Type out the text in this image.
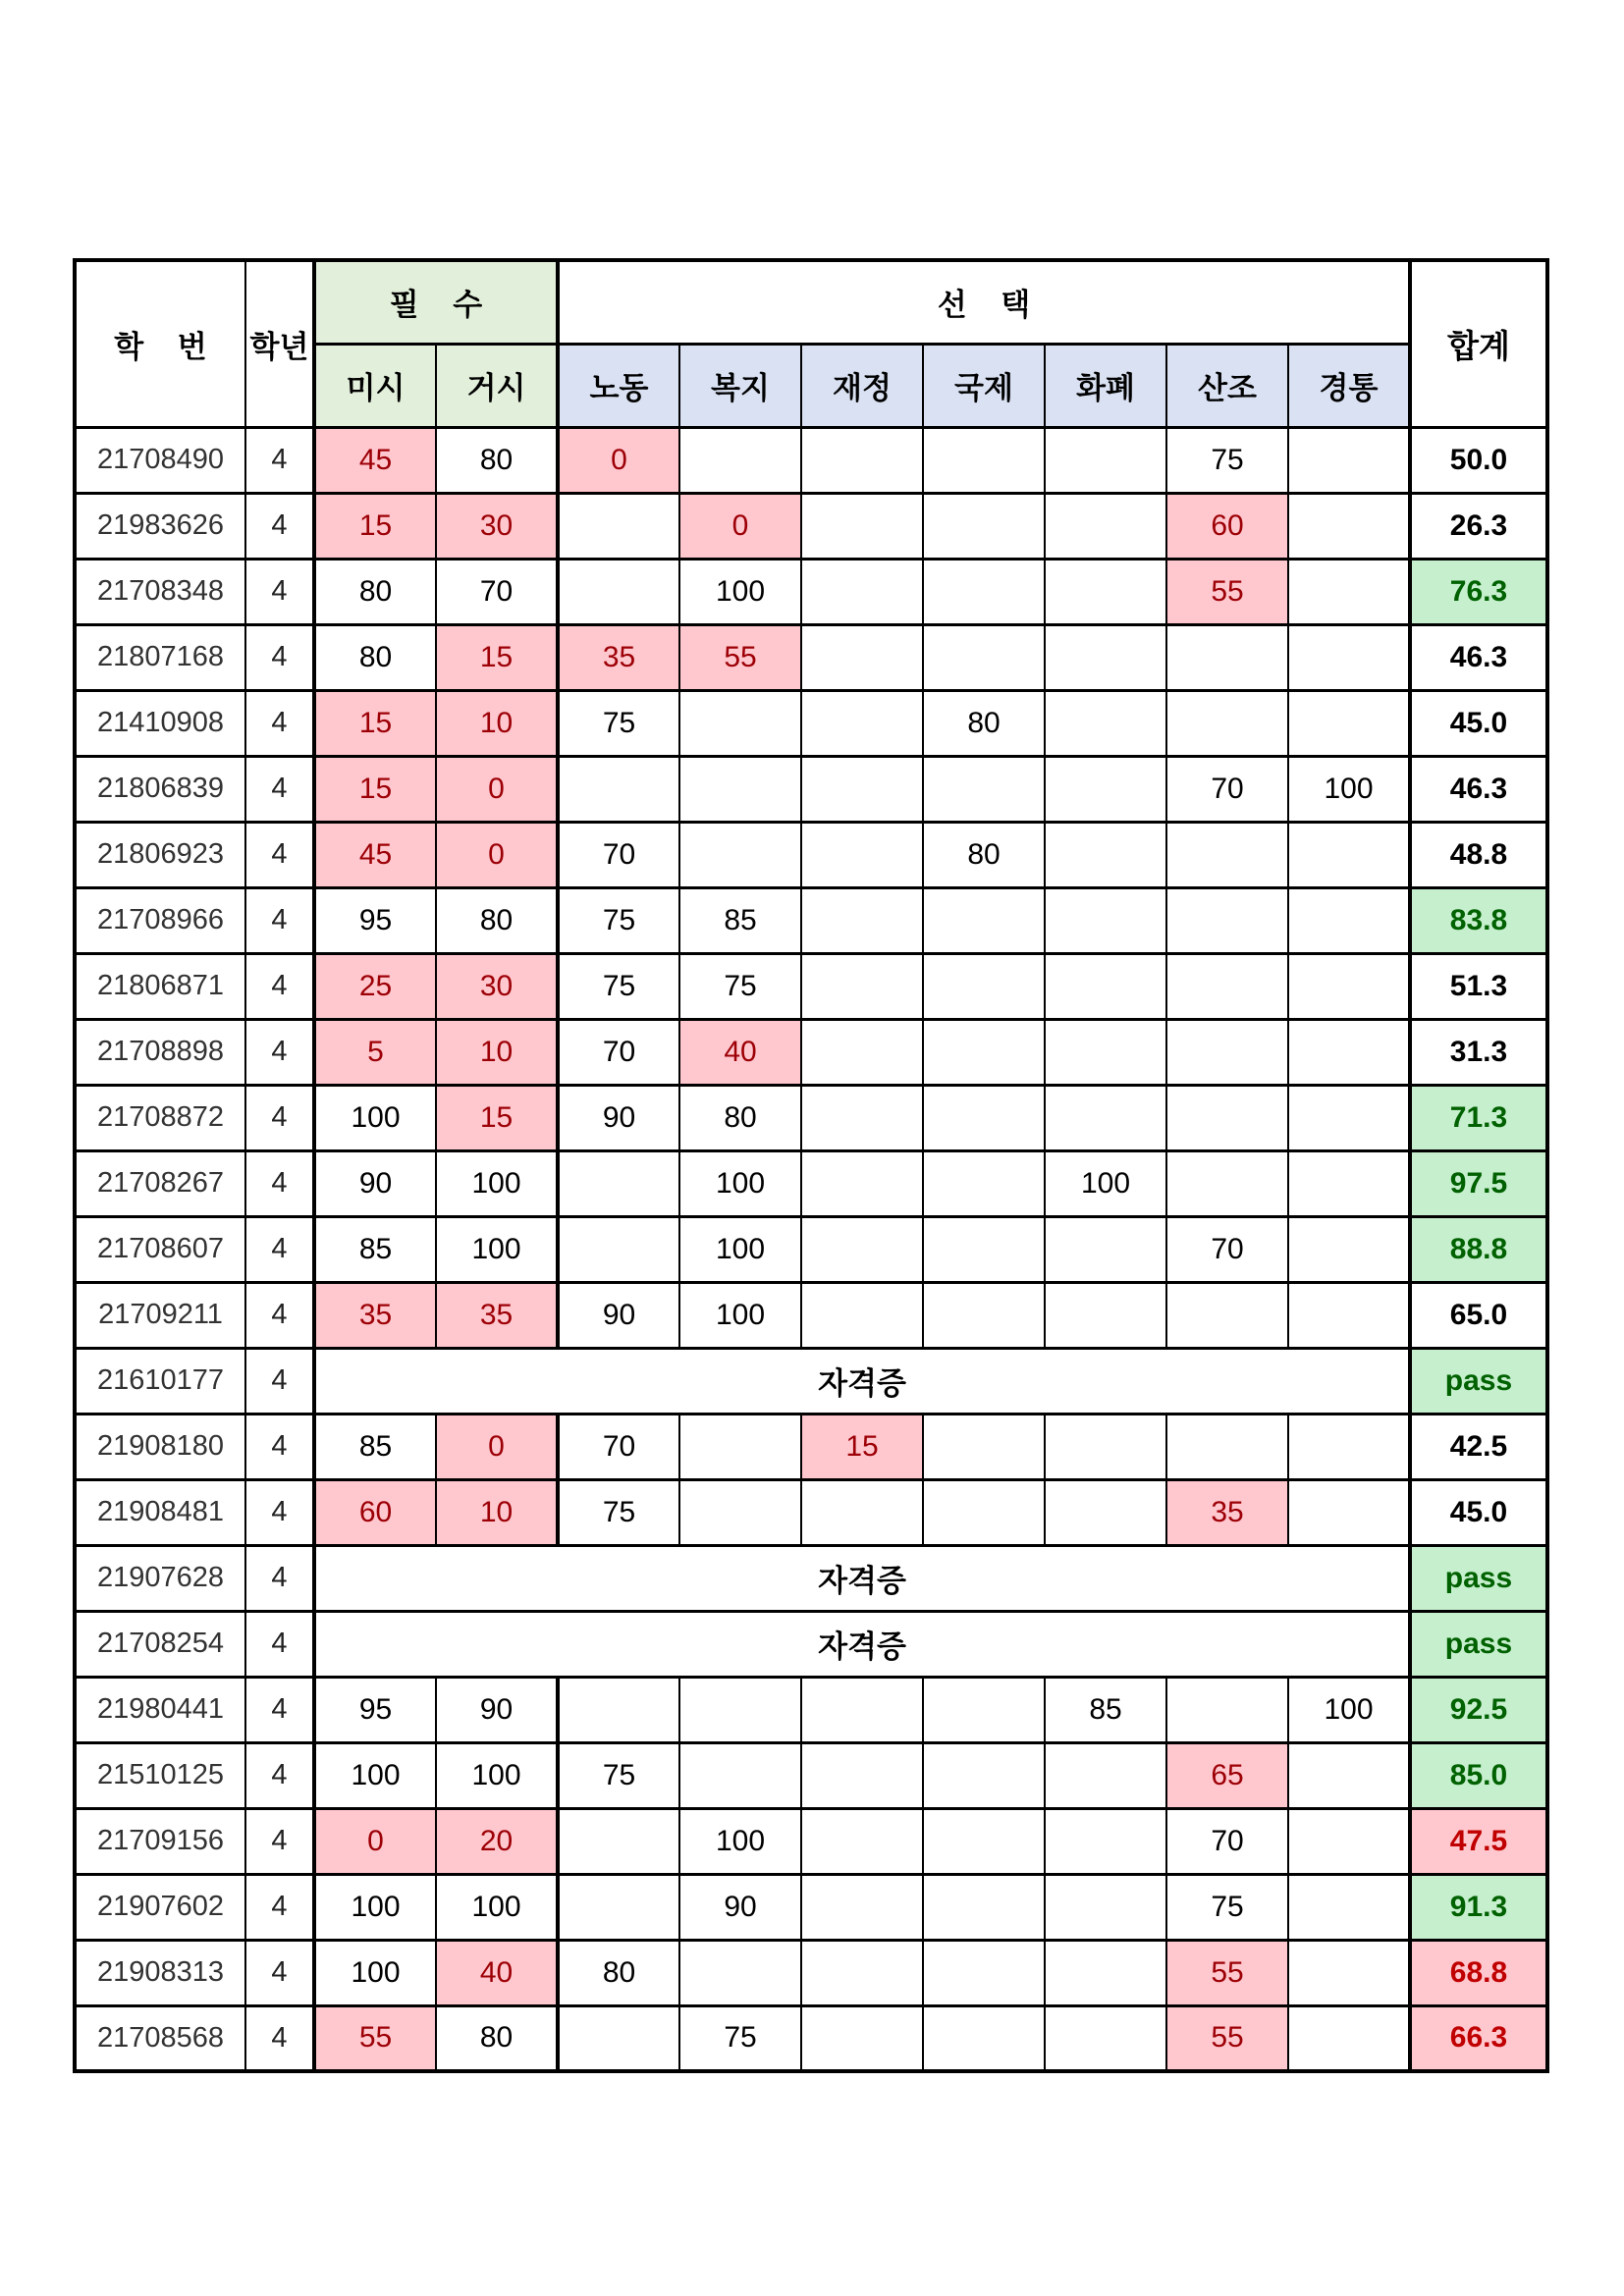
학 번	학년	필 수		선 택							합계
		미시	거시	노동	복지	재정	국제	화폐	산조	경통	
21708490	4	45	80	0					75		50.0
21983626	4	15	30		0				60		26.3
21708348	4	80	70		100				55		76.3
21807168	4	80	15	35	55						46.3
21410908	4	15	10	75			80				45.0
21806839	4	15	0						70	100	46.3
21806923	4	45	0	70			80				48.8
21708966	4	95	80	75	85						83.8
21806871	4	25	30	75	75						51.3
21708898	4	5	10	70	40						31.3
21708872	4	100	15	90	80						71.3
21708267	4	90	100		100			100			97.5
21708607	4	85	100		100				70		88.8
21709211	4	35	35	90	100						65.0
21610177	4	자격증									pass
21908180	4	85	0	70		15					42.5
21908481	4	60	10	75					35		45.0
21907628	4	자격증									pass
21708254	4	자격증									pass
21980441	4	95	90					85		100	92.5
21510125	4	100	100	75					65		85.0
21709156	4	0	20		100				70		47.5
21907602	4	100	100		90				75		91.3
21908313	4	100	40	80					55		68.8
21708568	4	55	80		75				55		66.3
